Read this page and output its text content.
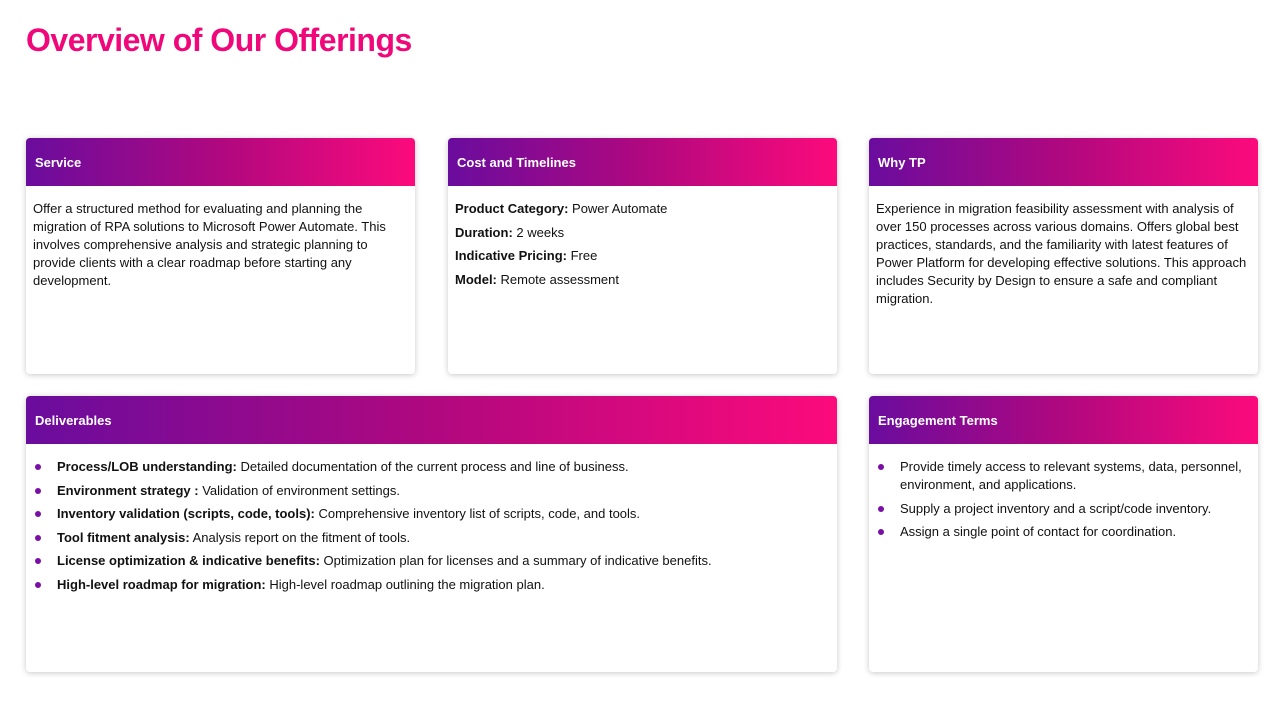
Overview of Our Offerings
Service
Offer a structured method for evaluating and planning the migration of RPA solutions to Microsoft Power Automate. This involves comprehensive analysis and strategic planning to provide clients with a clear roadmap before starting any development.
Cost and Timelines
Product Category: Power Automate
Duration: 2 weeks
Indicative Pricing: Free
Model: Remote assessment
Why TP
Experience in migration feasibility assessment with analysis of over 150 processes across various domains. Offers global best practices, standards, and the familiarity with latest features of Power Platform for developing effective solutions. This approach includes Security by Design to ensure a safe and compliant migration.
Deliverables
Process/LOB understanding: Detailed documentation of the current process and line of business.
Environment strategy : Validation of environment settings.
Inventory validation (scripts, code, tools): Comprehensive inventory list of scripts, code, and tools.
Tool fitment analysis: Analysis report on the fitment of tools.
License optimization & indicative benefits: Optimization plan for licenses and a summary of indicative benefits.
High-level roadmap for migration: High-level roadmap outlining the migration plan.
Engagement Terms
Provide timely access to relevant systems, data, personnel, environment, and applications.
Supply a project inventory and a script/code inventory.
Assign a single point of contact for coordination.
